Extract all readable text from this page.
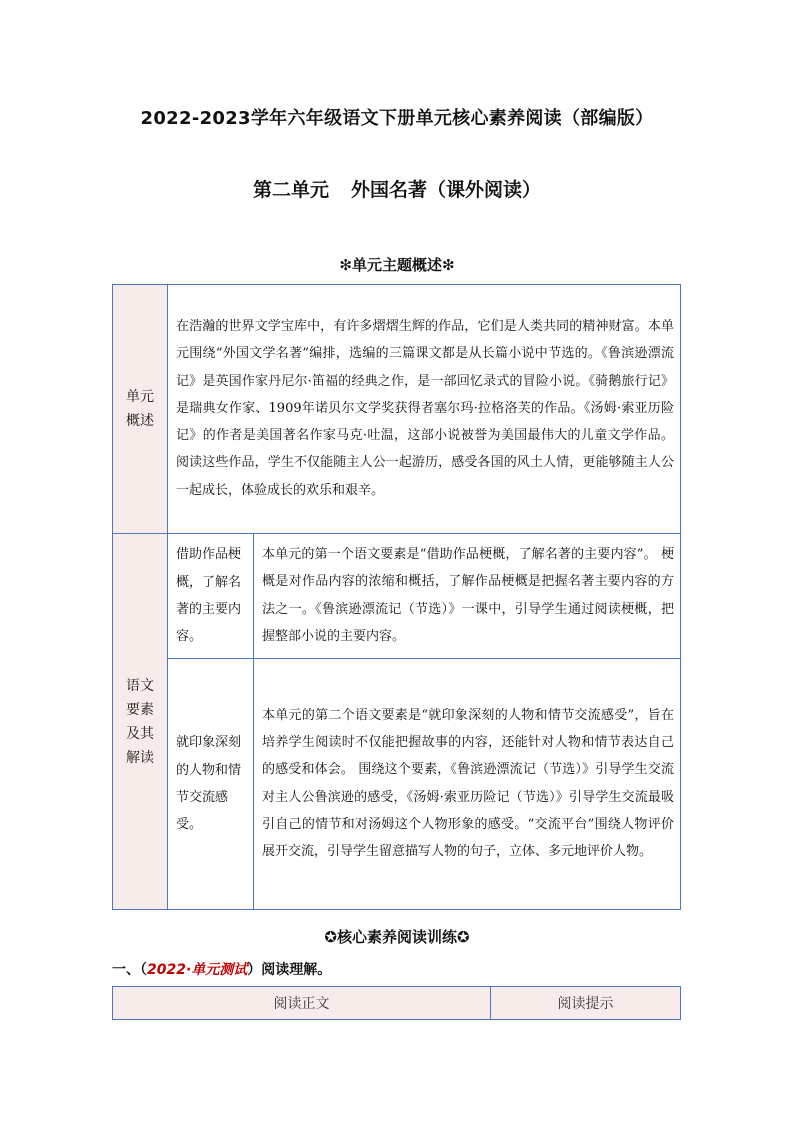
2022-2023学年六年级语文下册单元核心素养阅读（部编版）
第二单元 外国名著（课外阅读）
❇单元主题概述❇
单元
概述	在浩瀚的世界文学宝库中，有许多熠熠生辉的作品，它们是人类共同的精神财富。本单元围绕“外国文学名著”编排，选编的三篇课文都是从长篇小说中节选的。《鲁滨逊漂流记》是英国作家丹尼尔·笛福的经典之作，是一部回忆录式的冒险小说。《骑鹅旅行记》是瑞典女作家、1909年诺贝尔文学奖获得者塞尔玛·拉格洛芙的作品。《汤姆·索亚历险记》的作者是美国著名作家马克·吐温，这部小说被誉为美国最伟大的儿童文学作品。阅读这些作品，学生不仅能随主人公一起游历，感受各国的风土人情，更能够随主人公一起成长，体验成长的欢乐和艰辛。	

语文
要素
及其
解读	借助作品梗概，了解名著的主要内容。	本单元的第一个语文要素是“借助作品梗概，了解名著的主要内容”。 梗概是对作品内容的浓缩和概括，了解作品梗概是把握名著主要内容的方法之一。《鲁滨逊漂流记（节选）》一课中，引导学生通过阅读梗概，把握整部小说的主要内容。
	就印象深刻的人物和情节交流感受。	本单元的第二个语文要素是“就印象深刻的人物和情节交流感受”，旨在培养学生阅读时不仅能把握故事的内容，还能针对人物和情节表达自己的感受和体会。 围绕这个要素，《鲁滨逊漂流记（节选）》引导学生交流对主人公鲁滨逊的感受，《汤姆·索亚历险记（节选）》引导学生交流最吸引自己的情节和对汤姆这个人物形象的感受。“交流平台”围绕人物评价展开交流，引导学生留意描写人物的句子，立体、多元地评价人物。
✪核心素养阅读训练✪
一、（2022·单元测试）阅读理解。
阅读正文	阅读提示
